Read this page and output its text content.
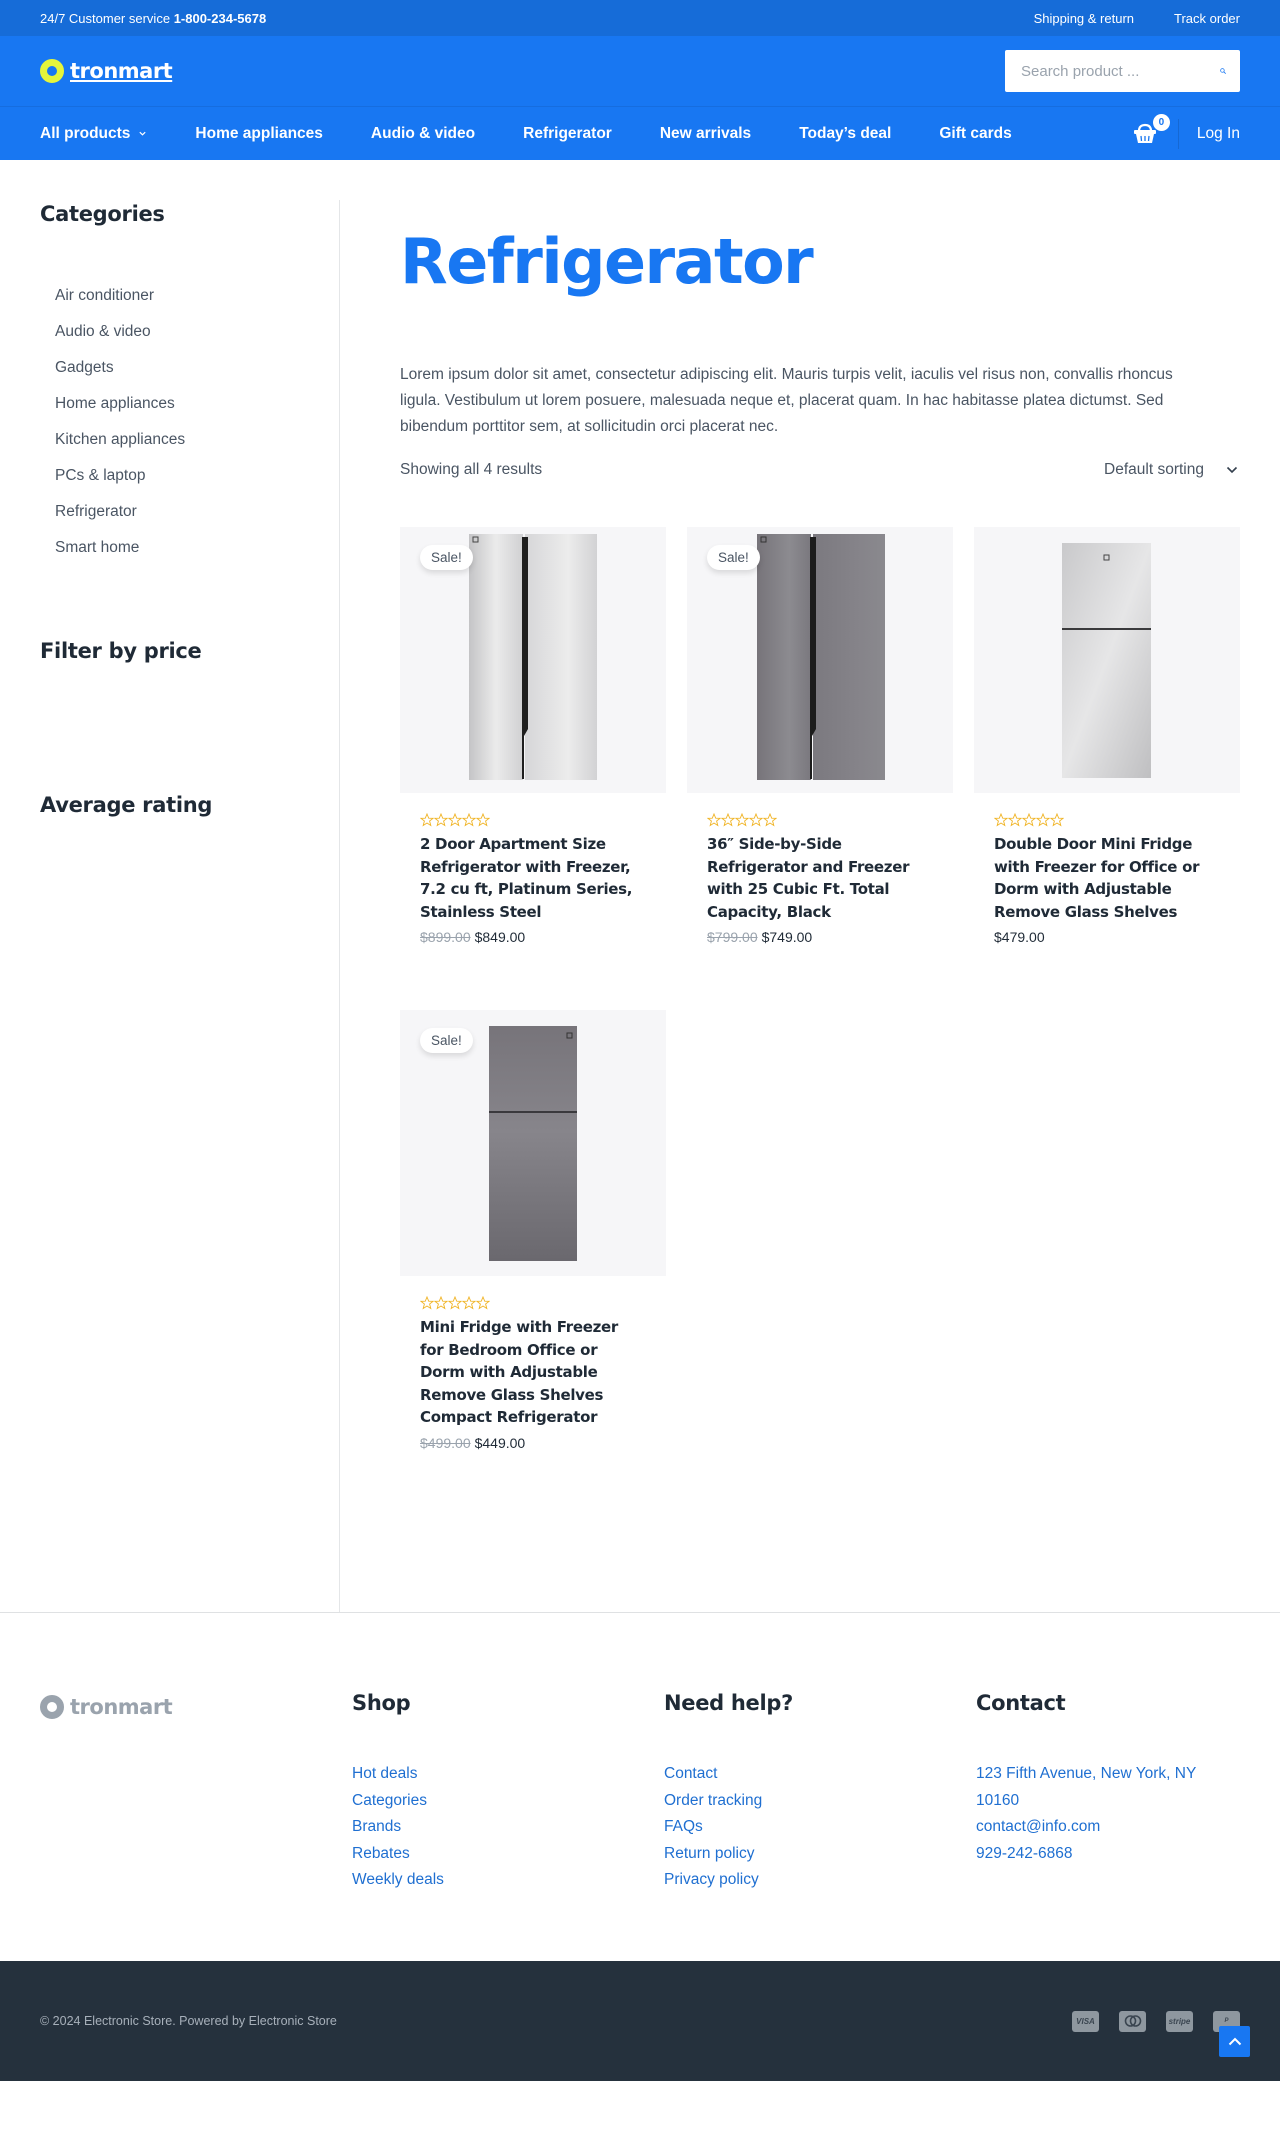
24/7 Customer service 1-800-234-5678	Shipping & return	Track order
tronmart
Search product ...
All products	Home appliances	Audio & video	Refrigerator	New arrivals	Today’s deal	Gift cards
0
Log In
Categories
Air conditioner
Audio & video
Gadgets
Home appliances
Kitchen appliances
PCs & laptop
Refrigerator
Smart home
Filter by price
Average rating
Refrigerator

Lorem ipsum dolor sit amet, consectetur adipiscing elit. Mauris turpis velit, iaculis vel risus non, convallis rhoncus ligula. Vestibulum ut lorem posuere, malesuada neque et, placerat quam. In hac habitasse platea dictumst. Sed bibendum porttitor sem, at sollicitudin orci placerat nec.

Showing all 4 results	Default sorting
Sale!
2 Door Apartment Size Refrigerator with Freezer, 7.2 cu ft, Platinum Series, Stainless Steel
$899.00 $849.00
Sale!
36″ Side-by-Side Refrigerator and Freezer with 25 Cubic Ft. Total Capacity, Black
$799.00 $749.00
Double Door Mini Fridge with Freezer for Office or Dorm with Adjustable Remove Glass Shelves
$479.00
Sale!
Mini Fridge with Freezer for Bedroom Office or Dorm with Adjustable Remove Glass Shelves Compact Refrigerator
$499.00 $449.00
tronmart	Shop
Hot deals
Categories
Brands
Rebates
Weekly deals
Need help?
Contact
Order tracking
FAQs
Return policy
Privacy policy
Contact
123 Fifth Avenue, New York, NY
10160
contact@info.com
929-242-6868
© 2024 Electronic Store. Powered by Electronic Store	VISA	stripe	P
